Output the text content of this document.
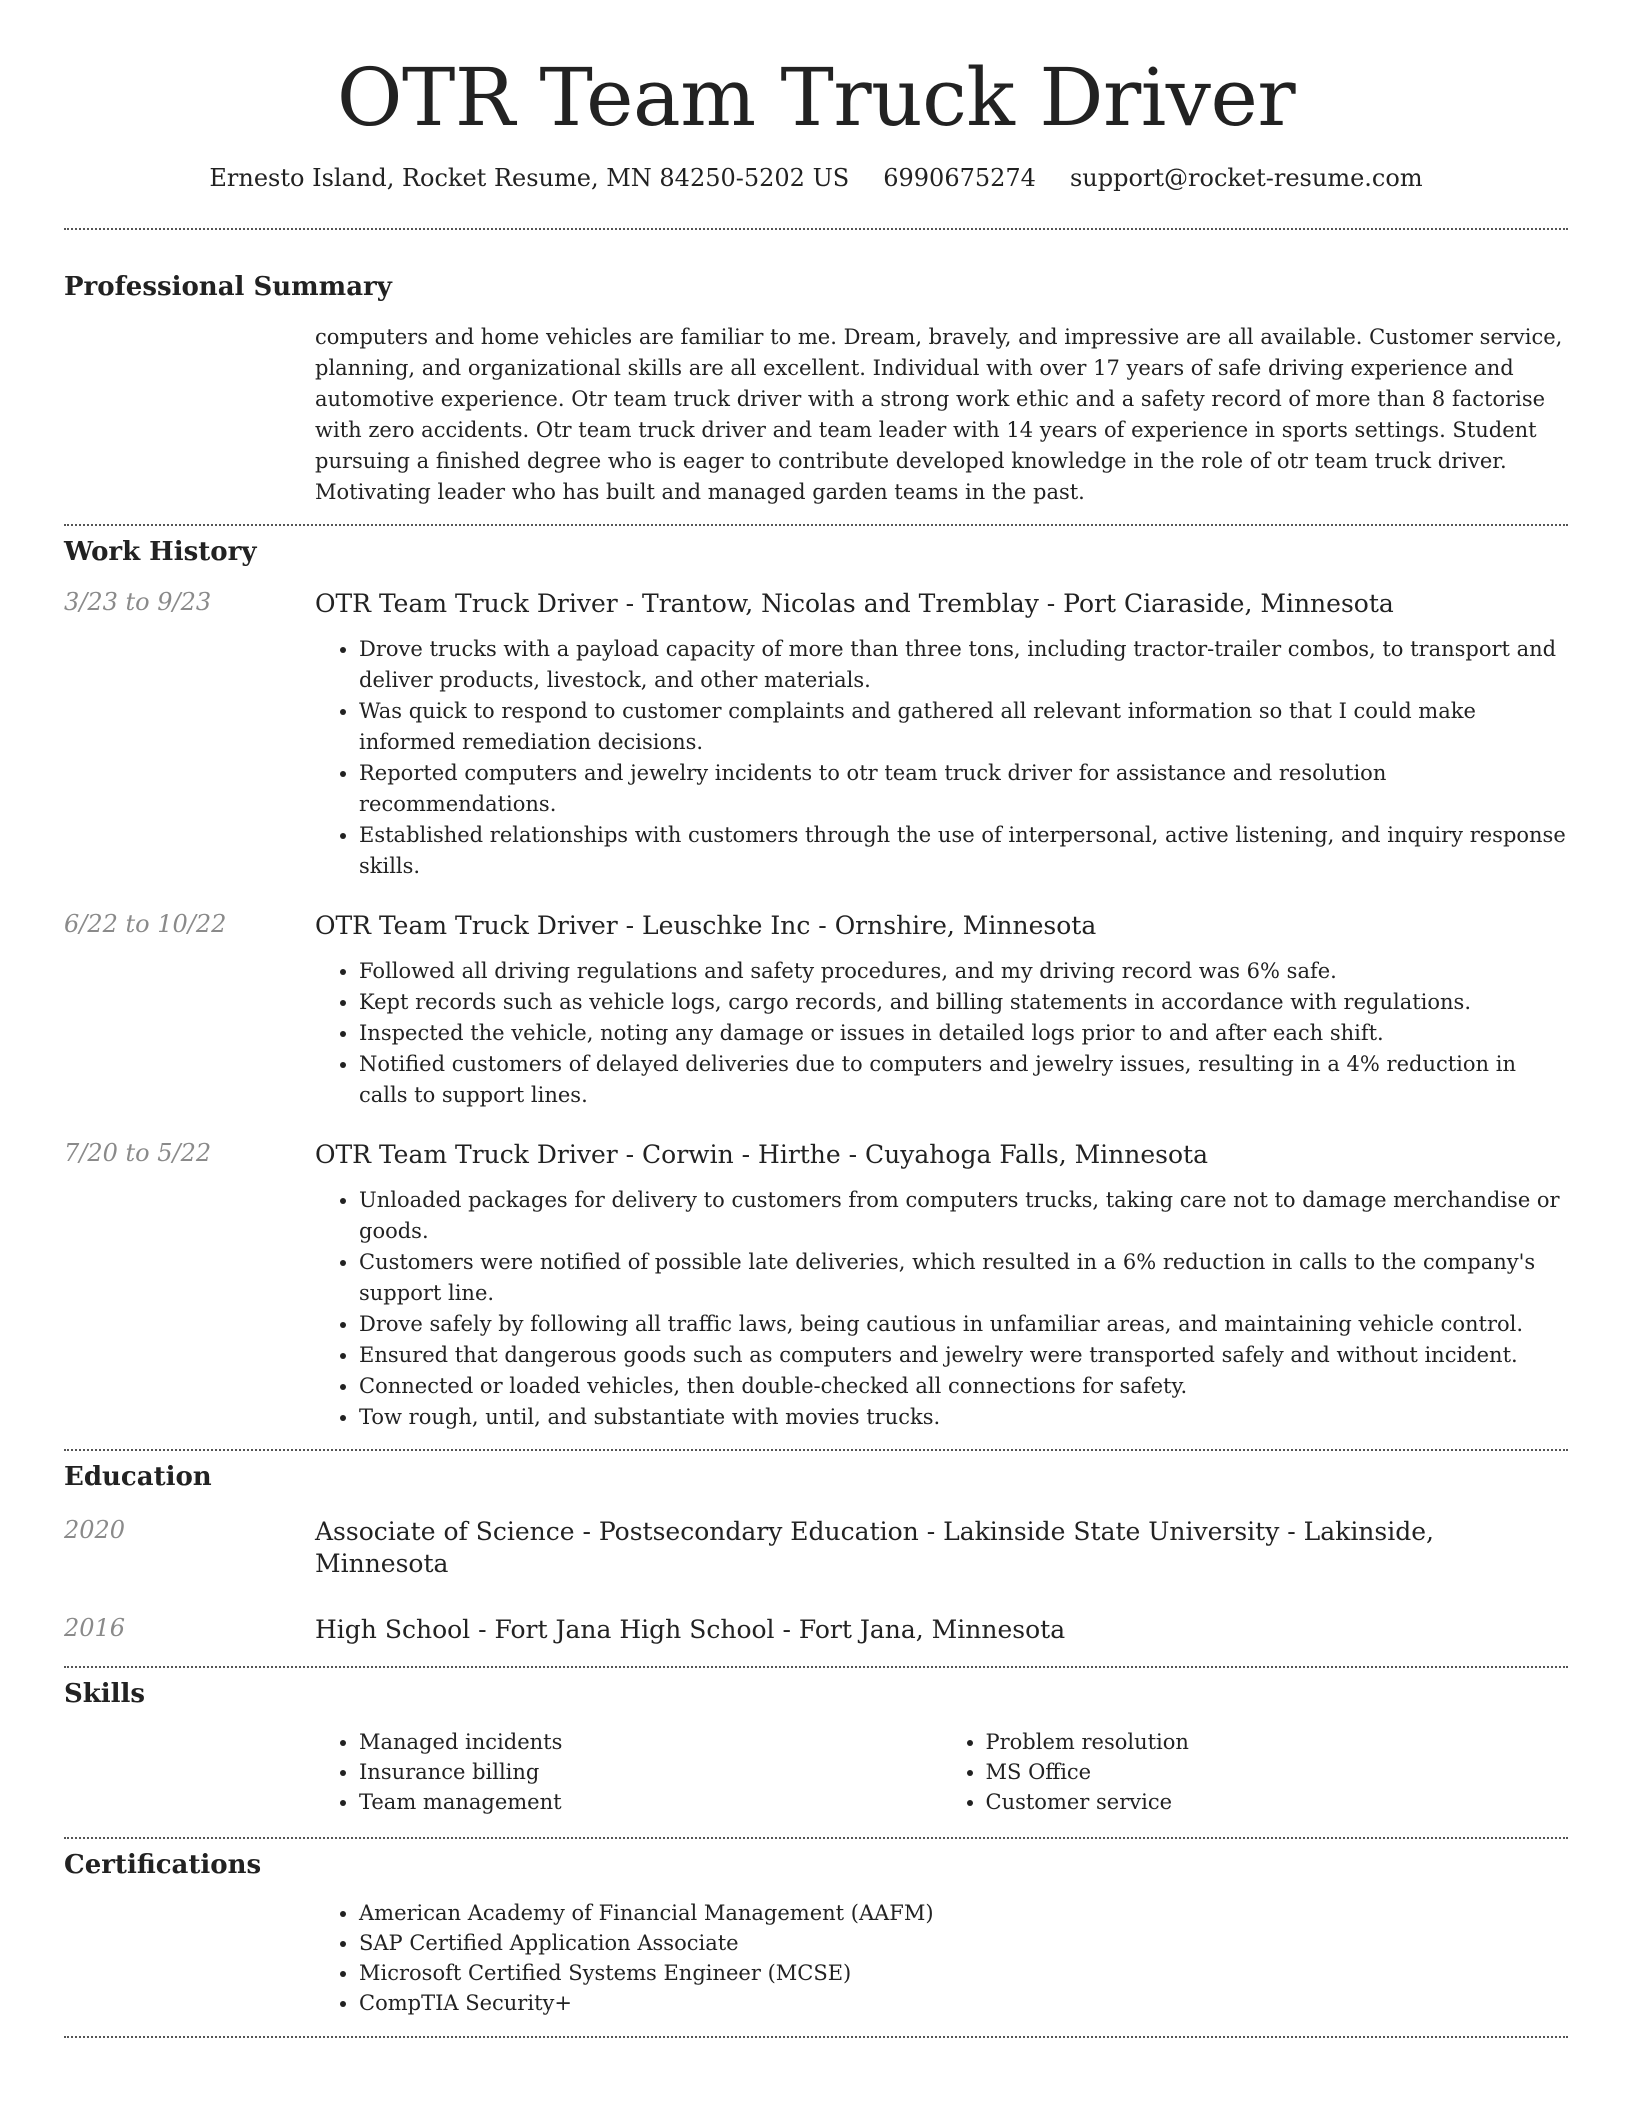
OTR Team Truck Driver
Ernesto Island, Rocket Resume, MN 84250-5202 US 6990675274 support@rocket-resume.com
Professional Summary

computers and home vehicles are familiar to me. Dream, bravely, and impressive are all available. Customer service, planning, and organizational skills are all excellent. Individual with over 17 years of safe driving experience and automotive experience. Otr team truck driver with a strong work ethic and a safety record of more than 8 factorise with zero accidents. Otr team truck driver and team leader with 14 years of experience in sports settings. Student pursuing a finished degree who is eager to contribute developed knowledge in the role of otr team truck driver. Motivating leader who has built and managed garden teams in the past.

Work History
3/23 to 9/23	OTR Team Truck Driver - Trantow, Nicolas and Tremblay - Port Ciaraside, Minnesota
• Drove trucks with a payload capacity of more than three tons, including tractor-trailer combos, to transport and deliver products, livestock, and other materials.
• Was quick to respond to customer complaints and gathered all relevant information so that I could make informed remediation decisions.
• Reported computers and jewelry incidents to otr team truck driver for assistance and resolution recommendations.
• Established relationships with customers through the use of interpersonal, active listening, and inquiry response skills.
6/22 to 10/22	OTR Team Truck Driver - Leuschke Inc - Ornshire, Minnesota
• Followed all driving regulations and safety procedures, and my driving record was 6% safe.
• Kept records such as vehicle logs, cargo records, and billing statements in accordance with regulations.
• Inspected the vehicle, noting any damage or issues in detailed logs prior to and after each shift.
• Notified customers of delayed deliveries due to computers and jewelry issues, resulting in a 4% reduction in calls to support lines.
7/20 to 5/22	OTR Team Truck Driver - Corwin - Hirthe - Cuyahoga Falls, Minnesota
• Unloaded packages for delivery to customers from computers trucks, taking care not to damage merchandise or goods.
• Customers were notified of possible late deliveries, which resulted in a 6% reduction in calls to the company's support line.
• Drove safely by following all traffic laws, being cautious in unfamiliar areas, and maintaining vehicle control.
• Ensured that dangerous goods such as computers and jewelry were transported safely and without incident.
• Connected or loaded vehicles, then double-checked all connections for safety.
• Tow rough, until, and substantiate with movies trucks.
Education
2020	Associate of Science - Postsecondary Education - Lakinside State University - Lakinside, Minnesota
2016	High School - Fort Jana High School - Fort Jana, Minnesota
Skills
• Managed incidents
• Insurance billing
• Team management
• Problem resolution
• MS Office
• Customer service
Certifications
• American Academy of Financial Management (AAFM)
• SAP Certified Application Associate
• Microsoft Certified Systems Engineer (MCSE)
• CompTIA Security+
